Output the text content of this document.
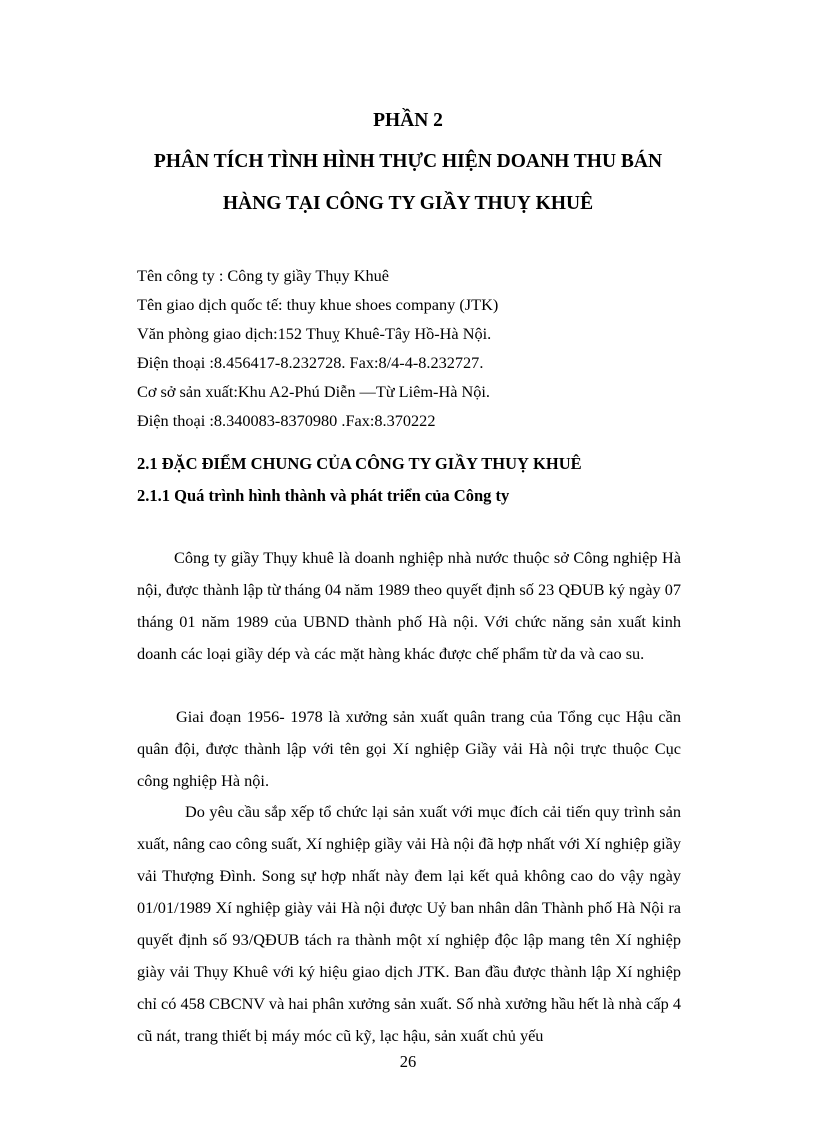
PHẦN 2
PHÂN TÍCH TÌNH HÌNH THỰC HIỆN DOANH THU BÁN
HÀNG TẠI CÔNG TY GIẦY THUỴ KHUÊ
Tên công ty : Công ty giầy Thụy Khuê
Tên giao dịch quốc tế: thuy khue shoes company (JTK)
Văn phòng giao dịch:152 Thuỵ Khuê-Tây Hồ-Hà Nội.
Điện thoại :8.456417-8.232728. Fax:8/4-4-8.232727.
Cơ sở sản xuất:Khu A2-Phú Diễn —Từ Liêm-Hà Nội.
Điện thoại :8.340083-8370980 .Fax:8.370222
2.1 ĐẶC ĐIỂM CHUNG CỦA CÔNG TY GIẦY THUỴ KHUÊ
2.1.1 Quá trình hình thành và phát triển của Công ty

Công ty giầy Thụy khuê là doanh nghiệp nhà nước thuộc sở Công nghiệp Hà nội, được thành lập từ tháng 04 năm 1989 theo quyết định số 23 QĐUB ký ngày 07 tháng 01 năm 1989 của UBND thành phố Hà nội. Với chức năng sản xuất kinh doanh các loại giầy dép và các mặt hàng khác được chế phẩm từ da và cao su.

Giai đoạn 1956- 1978 là xưởng sản xuất quân trang của Tổng cục Hậu cần quân đội, được thành lập với tên gọi Xí nghiệp Giầy vải Hà nội trực thuộc Cục công nghiệp Hà nội.

Do yêu cầu sắp xếp tổ chức lại sản xuất với mục đích cải tiến quy trình sản xuất, nâng cao công suất, Xí nghiệp giầy vải Hà nội đã hợp nhất với Xí nghiệp giầy vải Thượng Đình. Song sự hợp nhất này đem lại kết quả không cao do vậy ngày 01/01/1989 Xí nghiệp giày vải Hà nội được Uỷ ban nhân dân Thành phố Hà Nội ra quyết định số 93/QĐUB tách ra thành một xí nghiệp độc lập mang tên Xí nghiệp giày vải Thụy Khuê với ký hiệu giao dịch JTK. Ban đầu được thành lập Xí nghiệp chỉ có 458 CBCNV và hai phân xưởng sản xuất. Số nhà xưởng hầu hết là nhà cấp 4 cũ nát, trang thiết bị máy móc cũ kỹ, lạc hậu, sản xuất chủ yếu

26
